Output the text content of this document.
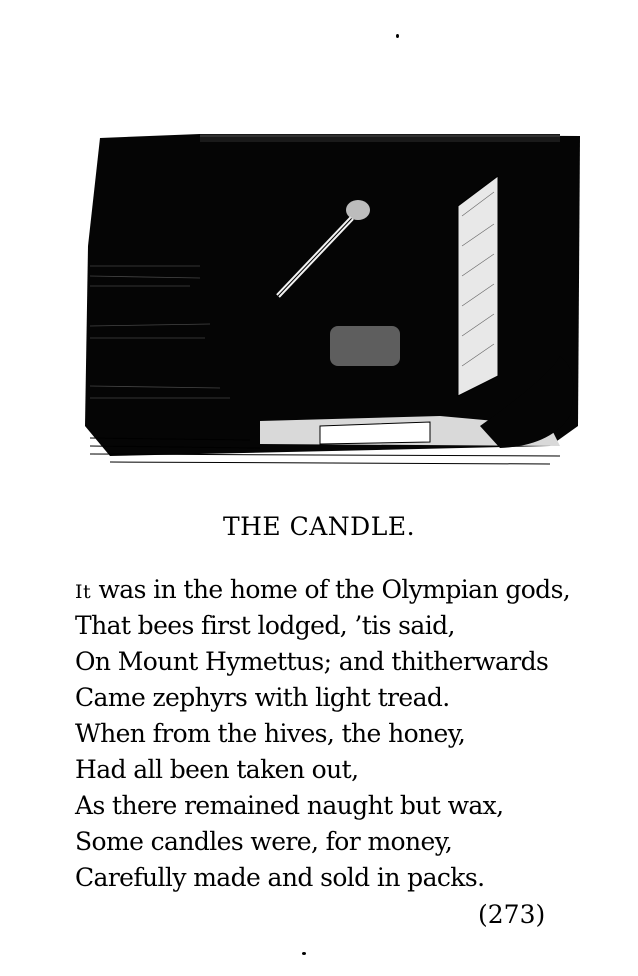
THE CANDLE.
It was in the home of the Olympian gods,
That bees first lodged, ’tis said,
On Mount Hymettus; and thitherwards
Came zephyrs with light tread.
When from the hives, the honey,
Had all been taken out,
As there remained naught but wax,
Some candles were, for money,
Carefully made and sold in packs.
(273)
